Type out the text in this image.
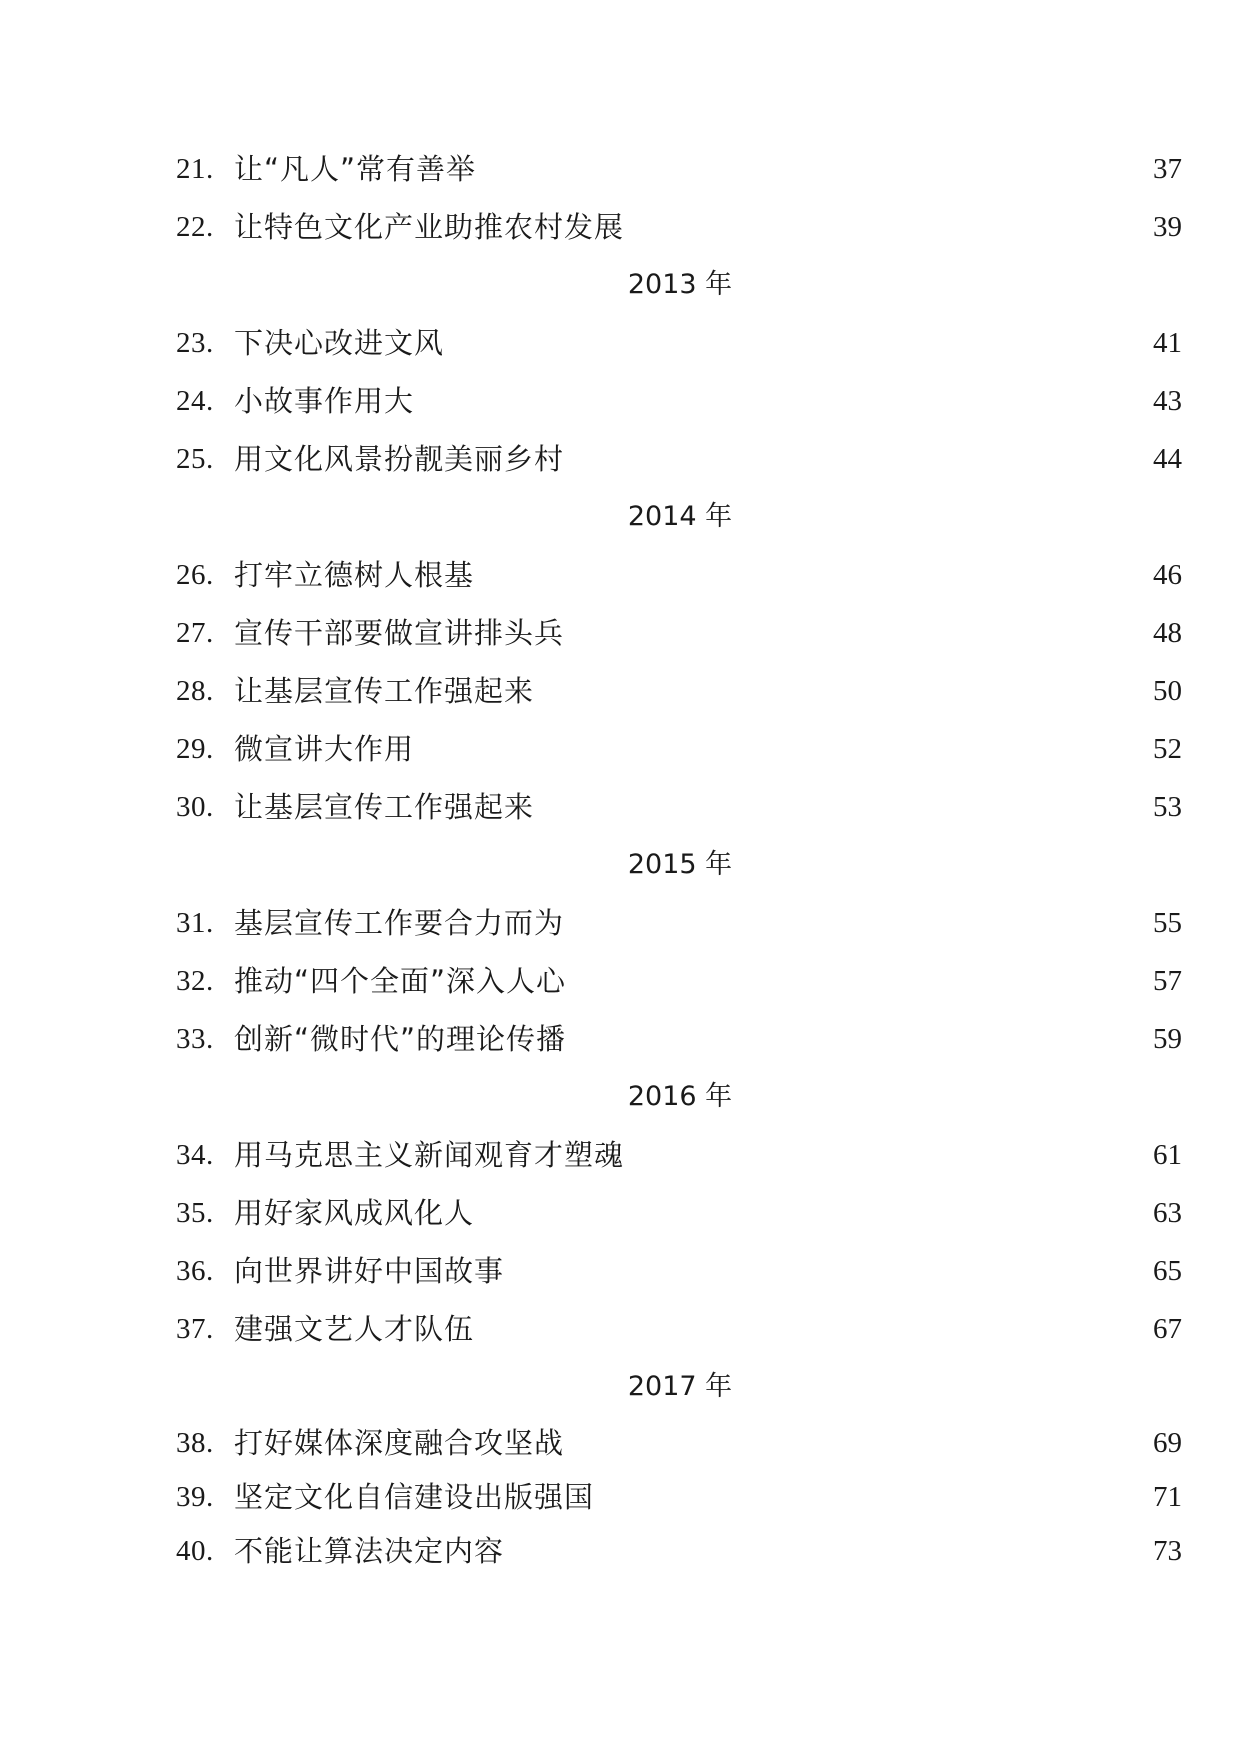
21. 让“凡人”常有善举	37
22. 让特色文化产业助推农村发展	39
2013 年
23. 下决心改进文风	41
24. 小故事作用大	43
25. 用文化风景扮靓美丽乡村	44
2014 年
26. 打牢立德树人根基	46
27. 宣传干部要做宣讲排头兵	48
28. 让基层宣传工作强起来	50
29. 微宣讲大作用	52
30. 让基层宣传工作强起来	53
2015 年
31. 基层宣传工作要合力而为	55
32. 推动“四个全面”深入人心	57
33. 创新“微时代”的理论传播	59
2016 年
34. 用马克思主义新闻观育才塑魂	61
35. 用好家风成风化人	63
36. 向世界讲好中国故事	65
37. 建强文艺人才队伍	67
2017 年
38. 打好媒体深度融合攻坚战	69
39. 坚定文化自信建设出版强国	71
40. 不能让算法决定内容	73
